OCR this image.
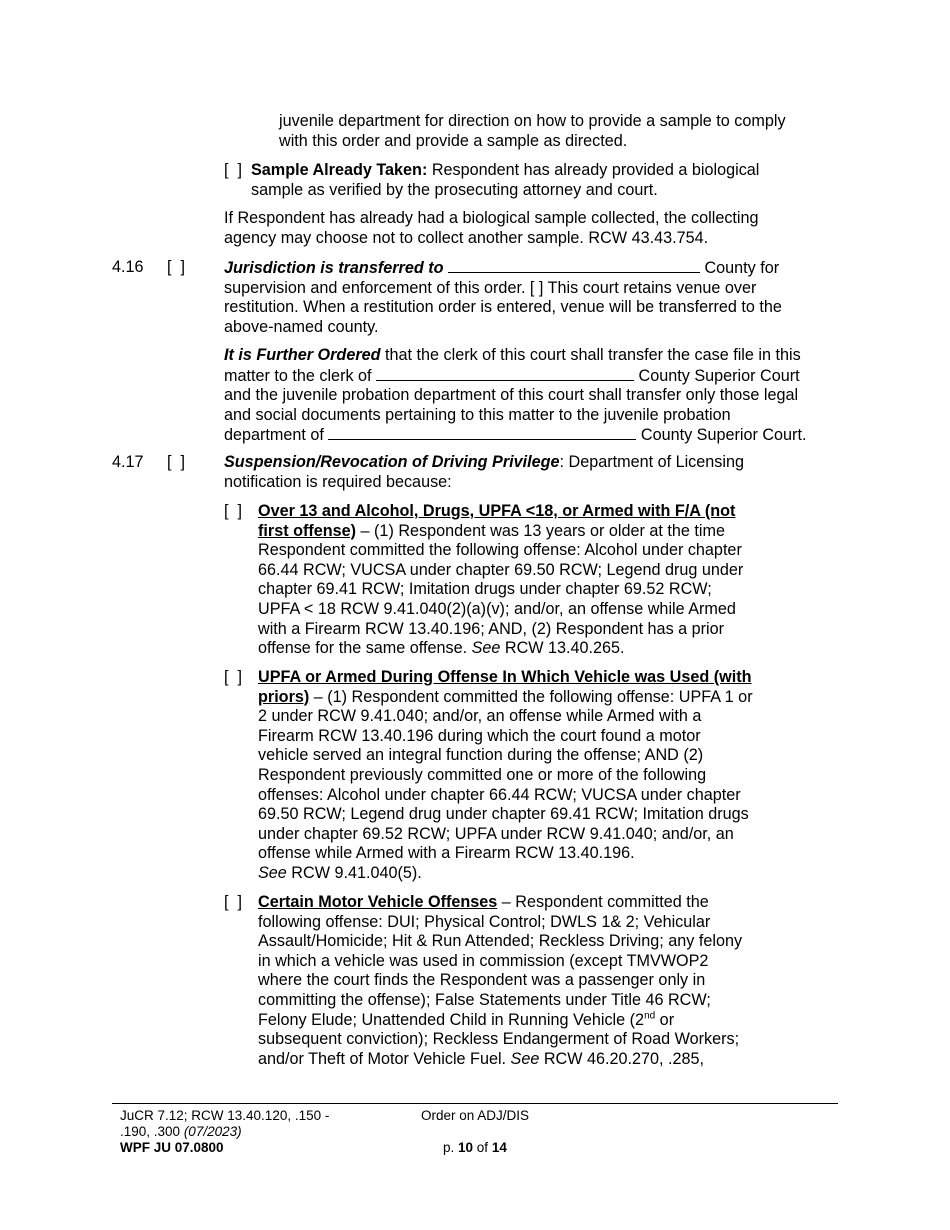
juvenile department for direction on how to provide a sample to comply
with this order and provide a sample as directed.
[  ] Sample Already Taken: Respondent has already provided a biological
sample as verified by the prosecuting attorney and court.
If Respondent has already had a biological sample collected, the collecting
agency may choose not to collect another sample. RCW 43.43.754.
4.16 [  ] Jurisdiction is transferred to	County for
supervision and enforcement of this order. [ ] This court retains venue over
restitution. When a restitution order is entered, venue will be transferred to the
above-named county.
It is Further Ordered that the clerk of this court shall transfer the case file in this
matter to the clerk of	County Superior Court
and the juvenile probation department of this court shall transfer only those legal
and social documents pertaining to this matter to the juvenile probation
department of	County Superior Court.
4.17 [  ] Suspension/Revocation of Driving Privilege: Department of Licensing
notification is required because:
[  ] Over 13 and Alcohol, Drugs, UPFA <18, or Armed with F/A (not
first offense) – (1) Respondent was 13 years or older at the time
Respondent committed the following offense: Alcohol under chapter
66.44 RCW; VUCSA under chapter 69.50 RCW; Legend drug under
chapter 69.41 RCW; Imitation drugs under chapter 69.52 RCW;
UPFA < 18 RCW 9.41.040(2)(a)(v); and/or, an offense while Armed
with a Firearm RCW 13.40.196; AND, (2) Respondent has a prior
offense for the same offense. See RCW 13.40.265.
[  ] UPFA or Armed During Offense In Which Vehicle was Used (with
priors) – (1) Respondent committed the following offense: UPFA 1 or
2 under RCW 9.41.040; and/or, an offense while Armed with a
Firearm RCW 13.40.196 during which the court found a motor
vehicle served an integral function during the offense; AND (2)
Respondent previously committed one or more of the following
offenses: Alcohol under chapter 66.44 RCW; VUCSA under chapter
69.50 RCW; Legend drug under chapter 69.41 RCW; Imitation drugs
under chapter 69.52 RCW; UPFA under RCW 9.41.040; and/or, an
offense while Armed with a Firearm RCW 13.40.196.
See RCW 9.41.040(5).
[  ] Certain Motor Vehicle Offenses – Respondent committed the
following offense: DUI; Physical Control; DWLS 1& 2; Vehicular
Assault/Homicide; Hit & Run Attended; Reckless Driving; any felony
in which a vehicle was used in commission (except TMVWOP2
where the court finds the Respondent was a passenger only in
committing the offense); False Statements under Title 46 RCW;
Felony Elude; Unattended Child in Running Vehicle (2nd or
subsequent conviction); Reckless Endangerment of Road Workers;
and/or Theft of Motor Vehicle Fuel. See RCW 46.20.270, .285,
JuCR 7.12; RCW 13.40.120, .150 -
.190, .300 (07/2023)
WPF JU 07.0800
Order on ADJ/DIS
p. 10 of 14
